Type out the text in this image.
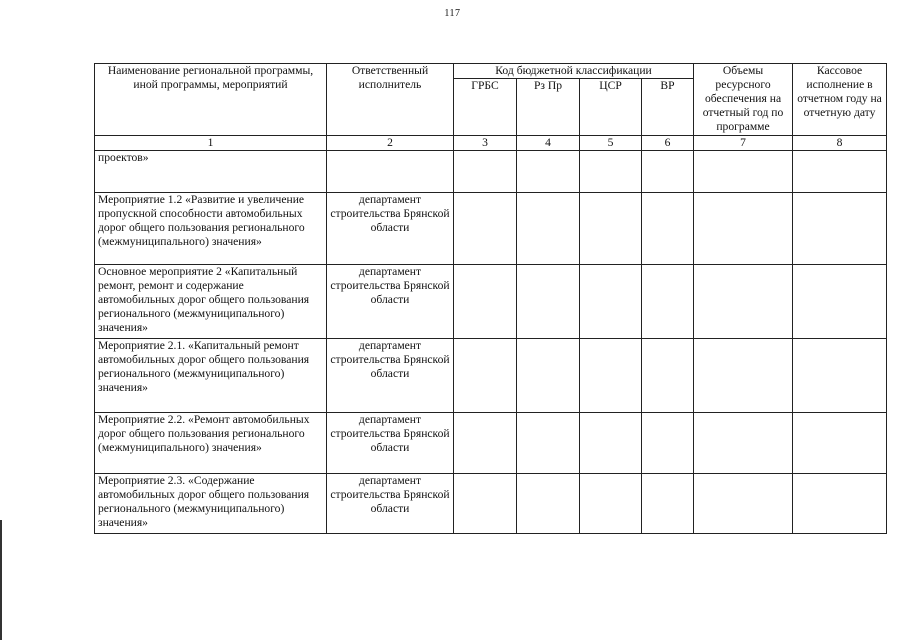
117
Наименование региональной программы, иной программы, мероприятий	Ответственный исполнитель	Код бюджетной классификации				Объемы ресурсного обеспечения на отчетный год по программе	Кассовое исполнение в отчетном году на отчетную дату
		ГРБС	Рз Пр	ЦСР	ВР		
1	2	3	4	5	6	7	8
проектов»							
Мероприятие 1.2 «Развитие и увеличение пропускной способности автомобильных дорог общего пользования регионального (межмуниципального) значения»	департамент строительства Брянской области						
Основное мероприятие 2 «Капитальный ремонт, ремонт и содержание автомобильных дорог общего пользования регионального (межмуниципального) значения»	департамент строительства Брянской области						
Мероприятие 2.1. «Капитальный ремонт автомобильных дорог общего пользования регионального (межмуниципального) значения»	департамент строительства Брянской области						
Мероприятие 2.2. «Ремонт автомобильных дорог общего пользования регионального (межмуниципального) значения»	департамент строительства Брянской области						
Мероприятие 2.3. «Содержание автомобильных дорог общего пользования регионального (межмуниципального) значения»	департамент строительства Брянской области						
